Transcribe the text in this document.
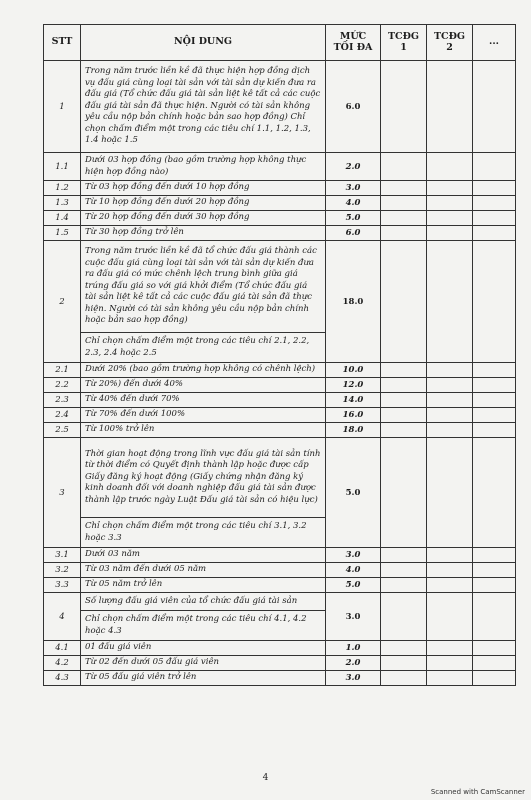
STT	NỘI DUNG	MỨC TỐI ĐA	TCĐG 1	TCĐG 2	...
1	Trong năm trước liền kề đã thực hiện hợp đồng dịch vụ đấu giá cùng loại tài sản với tài sản dự kiến đưa ra đấu giá (Tổ chức đấu giá tài sản liệt kê tất cả các cuộc đấu giá tài sản đã thực hiện. Người có tài sản không yêu cầu nộp bản chính hoặc bản sao hợp đồng) Chỉ chọn chấm điểm một trong các tiêu chí 1.1, 1.2, 1.3, 1.4 hoặc 1.5	6.0			
1.1	Dưới 03 hợp đồng (bao gồm trường hợp không thực hiện hợp đồng nào)	2.0			
1.2	Từ 03 hợp đồng đến dưới 10 hợp đồng	3.0			
1.3	Từ 10 hợp đồng đến dưới 20 hợp đồng	4.0			
1.4	Từ 20 hợp đồng đến dưới 30 hợp đồng	5.0			
1.5	Từ 30 hợp đồng trở lên	6.0			
2	Trong năm trước liền kề đã tổ chức đấu giá thành các cuộc đấu giá cùng loại tài sản với tài sản dự kiến đưa ra đấu giá có mức chênh lệch trung bình giữa giá trúng đấu giá so với giá khởi điểm (Tổ chức đấu giá tài sản liệt kê tất cả các cuộc đấu giá tài sản đã thực hiện. Người có tài sản không yêu cầu nộp bản chính hoặc bản sao hợp đồng)	18.0			
	Chỉ chọn chấm điểm một trong các tiêu chí 2.1, 2.2, 2.3, 2.4 hoặc 2.5				
2.1	Dưới 20% (bao gồm trường hợp không có chênh lệch)	10.0			
2.2	Từ 20%) đến dưới 40%	12.0			
2.3	Từ 40% đến dưới 70%	14.0			
2.4	Từ 70% đến dưới 100%	16.0			
2.5	Từ 100% trở lên	18.0			
3	Thời gian hoạt động trong lĩnh vực đấu giá tài sản tính từ thời điểm có Quyết định thành lập hoặc được cấp Giấy đăng ký hoạt động (Giấy chứng nhận đăng ký kinh doanh đối với doanh nghiệp đấu giá tài sản được thành lập trước ngày Luật Đấu giá tài sản có hiệu lực)	5.0			
	Chỉ chọn chấm điểm một trong các tiêu chí 3.1, 3.2 hoặc 3.3				
3.1	Dưới 03 năm	3.0			
3.2	Từ 03 năm đến dưới 05 năm	4.0			
3.3	Từ 05 năm trở lên	5.0			
4	Số lượng đấu giá viên của tổ chức đấu giá tài sản	3.0			
	Chỉ chọn chấm điểm một trong các tiêu chí 4.1, 4.2 hoặc 4.3				
4.1	01 đấu giá viên	1.0			
4.2	Từ 02 đến dưới 05 đấu giá viên	2.0			
4.3	Từ 05 đấu giá viên trở lên	3.0			
4
Scanned with CamScanner
